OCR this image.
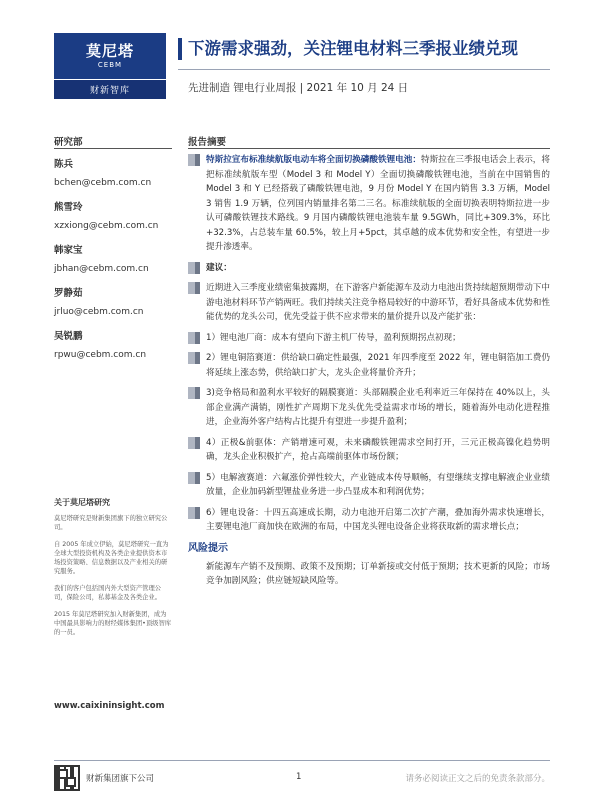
莫尼塔
CEBM
财新智库
下游需求强劲，关注锂电材料三季报业绩兑现
先进制造 锂电行业周报 | 2021 年 10 月 24 日
研究部	报告摘要
陈兵
bchen@cebm.com.cn
熊雪玲
xzxiong@cebm.com.cn
韩家宝
jbhan@cebm.com.cn
罗静茹
jrluo@cebm.com.cn
吴锐鹏
rpwu@cebm.com.cn
关于莫尼塔研究

莫尼塔研究是财新集团旗下的独立研究公司。

自 2005 年成立伊始，莫尼塔研究一直为全球大型投资机构及各类企业提供资本市场投资策略、信息数据以及产业相关的研究服务。

我们的客户包括国内外大型资产管理公司，保险公司，私募基金及各类企业。

2015 年莫尼塔研究加入财新集团，成为中国最具影响力的财经媒体集团•顶级智库的一员。

www.caixininsight.com
特斯拉宣布标准续航版电动车将全面切换磷酸铁锂电池：特斯拉在三季报电话会上表示，将把标准续航版车型（Model 3 和 Model Y）全面切换磷酸铁锂电池，当前在中国销售的 Model 3 和 Y 已经搭载了磷酸铁锂电池，9 月份 Model Y 在国内销售 3.3 万辆，Model 3 销售 1.9 万辆，位列国内销量排名第二三名。标准续航版的全面切换表明特斯拉进一步认可磷酸铁锂技术路线。9 月国内磷酸铁锂电池装车量 9.5GWh，同比+309.3%，环比+32.3%，占总装车量 60.5%，较上月+5pct，其卓越的成本优势和安全性，有望进一步提升渗透率。
建议：
近期进入三季度业绩密集披露期，在下游客户新能源车及动力电池出货持续超预期带动下中游电池材料环节产销两旺。我们持续关注竞争格局较好的中游环节，看好具备成本优势和性能优势的龙头公司，优先受益于供不应求带来的量价提升以及产能扩张：
1）锂电池厂商：成本有望向下游主机厂传导，盈利预期拐点初现；
2）锂电铜箔赛道：供给缺口确定性最强，2021 年四季度至 2022 年，锂电铜箔加工费仍将延续上涨态势，供给缺口扩大，龙头企业将量价齐升；
3)竞争格局和盈利水平较好的隔膜赛道：头部隔膜企业毛利率近三年保持在 40%以上，头部企业满产满销，刚性扩产周期下龙头优先受益需求市场的增长，随着海外电动化进程推进，企业海外客户结构占比提升有望进一步提升盈利；
4）正极&前驱体：产销增速可观，未来磷酸铁锂需求空间打开，三元正极高镍化趋势明确，龙头企业积极扩产，抢占高端前驱体市场份额；
5）电解液赛道：六氟涨价弹性较大，产业链成本传导顺畅，有望继续支撑电解液企业业绩放量，企业加码新型锂盐业务进一步凸显成本和利润优势；
6）锂电设备：十四五高速成长期，动力电池开启第二次扩产潮，叠加海外需求快速增长，主要锂电池厂商加快在欧洲的布局，中国龙头锂电设备企业将获取新的需求增长点；
风险提示
新能源车产销不及预期、政策不及预期；订单新接或交付低于预期；技术更新的风险；市场竞争加剧风险；供应链短缺风险等。
财新集团旗下公司	1	请务必阅读正文之后的免责条款部分。
